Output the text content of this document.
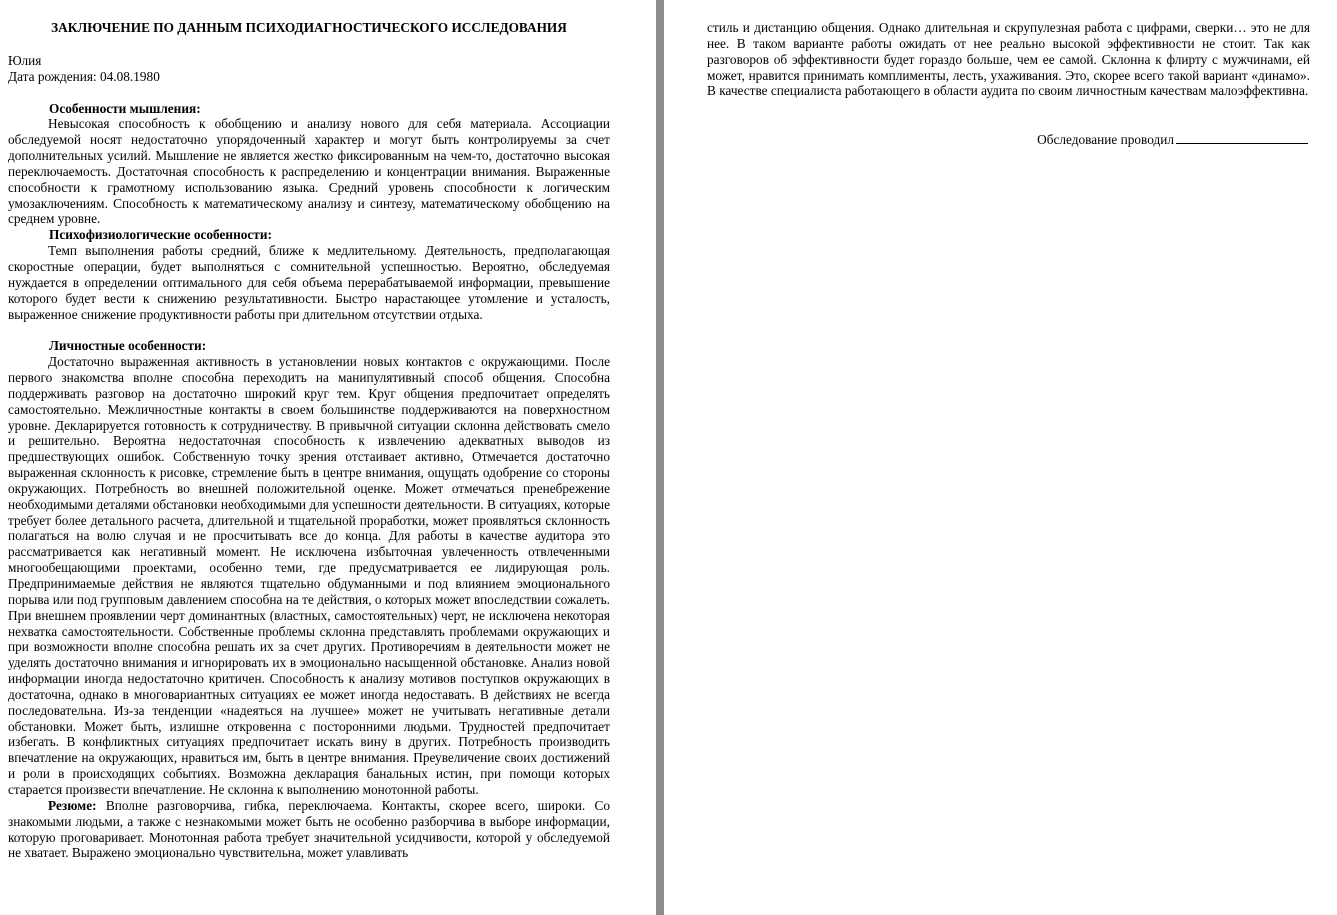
ЗАКЛЮЧЕНИЕ ПО ДАННЫМ ПСИХОДИАГНОСТИЧЕСКОГО ИССЛЕДОВАНИЯ

Юлия

Дата рождения: 04.08.1980

Особенности мышления:

Невысокая способность к обобщению и анализу нового для себя материала. Ассоциации обследуемой носят недостаточно упорядоченный характер и могут быть контролируемы за счет дополнительных усилий. Мышление не является жестко фиксированным на чем-то, достаточно высокая переключаемость. Достаточная способность к распределению и концентрации внимания. Выраженные способности к грамотному использованию языка. Средний уровень способности к логическим умозаключениям. Способность к математическому анализу и синтезу, математическому обобщению на среднем уровне.

Психофизиологические особенности:

Темп выполнения работы средний, ближе к медлительному. Деятельность, предполагающая скоростные операции, будет выполняться с сомнительной успешностью. Вероятно, обследуемая нуждается в определении оптимального для себя объема перерабатываемой информации, превышение которого будет вести к снижению результативности. Быстро нарастающее утомление и усталость, выраженное снижение продуктивности работы при длительном отсутствии отдыха.

Личностные особенности:

Достаточно выраженная активность в установлении новых контактов с окружающими. После первого знакомства вполне способна переходить на манипулятивный способ общения. Способна поддерживать разговор на достаточно широкий круг тем. Круг общения предпочитает определять самостоятельно. Межличностные контакты в своем большинстве поддерживаются на поверхностном уровне. Декларируется готовность к сотрудничеству. В привычной ситуации склонна действовать смело и решительно. Вероятна недостаточная способность к извлечению адекватных выводов из предшествующих ошибок. Собственную точку зрения отстаивает активно, Отмечается достаточно выраженная склонность к рисовке, стремление быть в центре внимания, ощущать одобрение со стороны окружающих. Потребность во внешней положительной оценке. Может отмечаться пренебрежение необходимыми деталями обстановки необходимыми для успешности деятельности. В ситуациях, которые требует более детального расчета, длительной и тщательной проработки, может проявляться склонность полагаться на волю случая и не просчитывать все до конца. Для работы в качестве аудитора это рассматривается как негативный момент. Не исключена избыточная увлеченность отвлеченными многообещающими проектами, особенно теми, где предусматривается ее лидирующая роль. Предпринимаемые действия не являются тщательно обдуманными и под влиянием эмоционального порыва или под групповым давлением способна на те действия, о которых может впоследствии сожалеть. При внешнем проявлении черт доминантных (властных, самостоятельных) черт, не исключена некоторая нехватка самостоятельности. Собственные проблемы склонна представлять проблемами окружающих и при возможности вполне способна решать их за счет других. Противоречиям в деятельности может не уделять достаточно внимания и игнорировать их в эмоционально насыщенной обстановке. Анализ новой информации иногда недостаточно критичен. Способность к анализу мотивов поступков окружающих в достаточна, однако в многовариантных ситуациях ее может иногда недоставать. В действиях не всегда последовательна. Из-за тенденции «надеяться на лучшее» может не учитывать негативные детали обстановки. Может быть, излишне откровенна с посторонними людьми. Трудностей предпочитает избегать. В конфликтных ситуациях предпочитает искать вину в других. Потребность производить впечатление на окружающих, нравиться им, быть в центре внимания. Преувеличение своих достижений и роли в происходящих событиях. Возможна декларация банальных истин, при помощи которых старается произвести впечатление. Не склонна к выполнению монотонной работы.

Резюме: Вполне разговорчива, гибка, переключаема. Контакты, скорее всего, широки. Со знакомыми людьми, а также с незнакомыми может быть не особенно разборчива в выборе информации, которую проговаривает. Монотонная работа требует значительной усидчивости, которой у обследуемой не хватает. Выражено эмоционально чувствительна, может улавливать

стиль и дистанцию общения. Однако длительная и скрупулезная работа с цифрами, сверки… это не для нее. В таком варианте работы ожидать от нее реально высокой эффективности не стоит. Так как разговоров об эффективности будет гораздо больше, чем ее самой. Склонна к флирту с мужчинами, ей может, нравится принимать комплименты, лесть, ухаживания. Это, скорее всего такой вариант «динамо». В качестве специалиста работающего в области аудита по своим личностным качествам малоэффективна.

Обследование проводил
